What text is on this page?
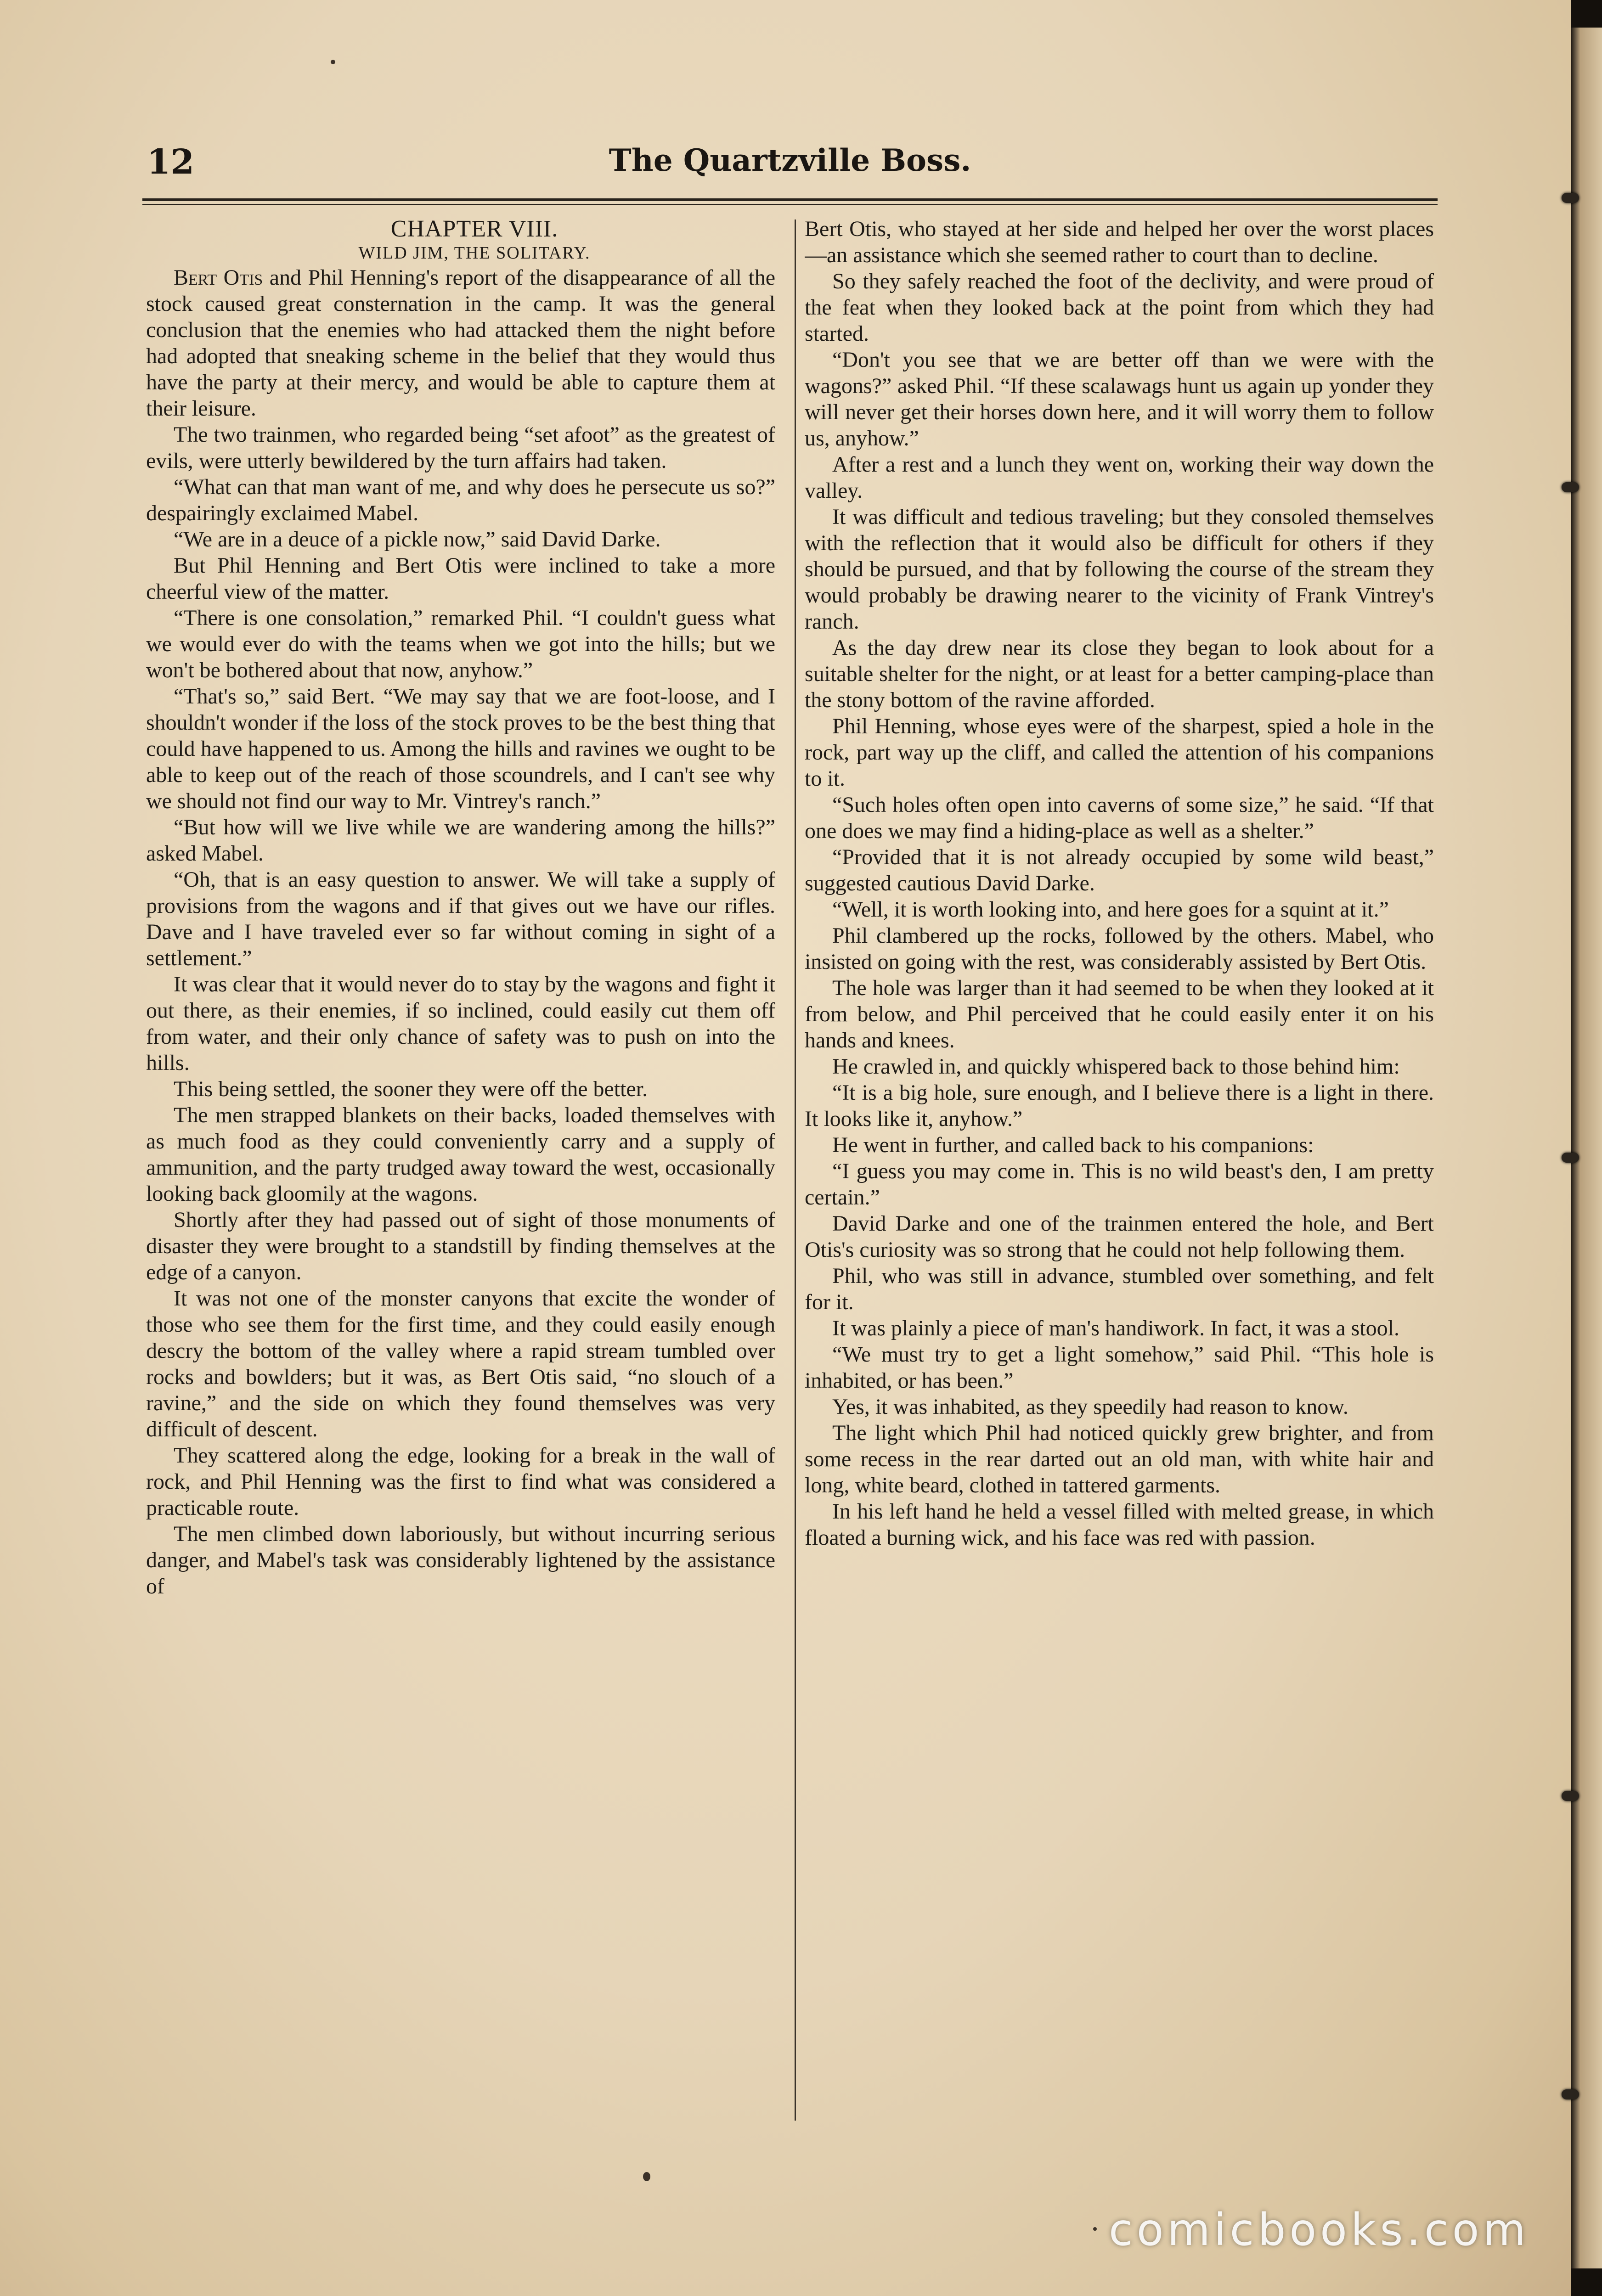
12	The Quartzville Boss.

CHAPTER VIII.

WILD JIM, THE SOLITARY.

Bert Otis and Phil Henning's report of the disappearance of all the stock caused great consternation in the camp. It was the general conclusion that the enemies who had attacked them the night before had adopted that sneaking scheme in the belief that they would thus have the party at their mercy, and would be able to capture them at their leisure.

The two trainmen, who regarded being “set afoot” as the greatest of evils, were utterly bewildered by the turn affairs had taken.

“What can that man want of me, and why does he persecute us so?” despairingly exclaimed Mabel.

“We are in a deuce of a pickle now,” said David Darke.

But Phil Henning and Bert Otis were inclined to take a more cheerful view of the matter.

“There is one consolation,” remarked Phil. “I couldn't guess what we would ever do with the teams when we got into the hills; but we won't be bothered about that now, anyhow.”

“That's so,” said Bert. “We may say that we are foot-loose, and I shouldn't wonder if the loss of the stock proves to be the best thing that could have happened to us. Among the hills and ravines we ought to be able to keep out of the reach of those scoundrels, and I can't see why we should not find our way to Mr. Vintrey's ranch.”

“But how will we live while we are wandering among the hills?” asked Mabel.

“Oh, that is an easy question to answer. We will take a supply of provisions from the wagons and if that gives out we have our rifles. Dave and I have traveled ever so far without coming in sight of a settlement.”

It was clear that it would never do to stay by the wagons and fight it out there, as their enemies, if so inclined, could easily cut them off from water, and their only chance of safety was to push on into the hills.

This being settled, the sooner they were off the better.

The men strapped blankets on their backs, loaded themselves with as much food as they could conveniently carry and a supply of ammunition, and the party trudged away toward the west, occasionally looking back gloomily at the wagons.

Shortly after they had passed out of sight of those monuments of disaster they were brought to a standstill by finding themselves at the edge of a canyon.

It was not one of the monster canyons that excite the wonder of those who see them for the first time, and they could easily enough descry the bottom of the valley where a rapid stream tumbled over rocks and bowlders; but it was, as Bert Otis said, “no slouch of a ravine,” and the side on which they found themselves was very difficult of descent.

They scattered along the edge, looking for a break in the wall of rock, and Phil Henning was the first to find what was considered a practicable route.

The men climbed down laboriously, but without incurring serious danger, and Mabel's task was considerably lightened by the assistance of

Bert Otis, who stayed at her side and helped her over the worst places—an assistance which she seemed rather to court than to decline.

So they safely reached the foot of the declivity, and were proud of the feat when they looked back at the point from which they had started.

“Don't you see that we are better off than we were with the wagons?” asked Phil. “If these scalawags hunt us again up yonder they will never get their horses down here, and it will worry them to follow us, anyhow.”

After a rest and a lunch they went on, working their way down the valley.

It was difficult and tedious traveling; but they consoled themselves with the reflection that it would also be difficult for others if they should be pursued, and that by following the course of the stream they would probably be drawing nearer to the vicinity of Frank Vintrey's ranch.

As the day drew near its close they began to look about for a suitable shelter for the night, or at least for a better camping-place than the stony bottom of the ravine afforded.

Phil Henning, whose eyes were of the sharpest, spied a hole in the rock, part way up the cliff, and called the attention of his companions to it.

“Such holes often open into caverns of some size,” he said. “If that one does we may find a hiding-place as well as a shelter.”

“Provided that it is not already occupied by some wild beast,” suggested cautious David Darke.

“Well, it is worth looking into, and here goes for a squint at it.”

Phil clambered up the rocks, followed by the others. Mabel, who insisted on going with the rest, was considerably assisted by Bert Otis.

The hole was larger than it had seemed to be when they looked at it from below, and Phil perceived that he could easily enter it on his hands and knees.

He crawled in, and quickly whispered back to those behind him:

“It is a big hole, sure enough, and I believe there is a light in there. It looks like it, anyhow.”

He went in further, and called back to his companions:

“I guess you may come in. This is no wild beast's den, I am pretty certain.”

David Darke and one of the trainmen entered the hole, and Bert Otis's curiosity was so strong that he could not help following them.

Phil, who was still in advance, stumbled over something, and felt for it.

It was plainly a piece of man's handiwork. In fact, it was a stool.

“We must try to get a light somehow,” said Phil. “This hole is inhabited, or has been.”

Yes, it was inhabited, as they speedily had reason to know.

The light which Phil had noticed quickly grew brighter, and from some recess in the rear darted out an old man, with white hair and long, white beard, clothed in tattered garments.

In his left hand he held a vessel filled with melted grease, in which floated a burning wick, and his face was red with passion.

comicbooks.com
